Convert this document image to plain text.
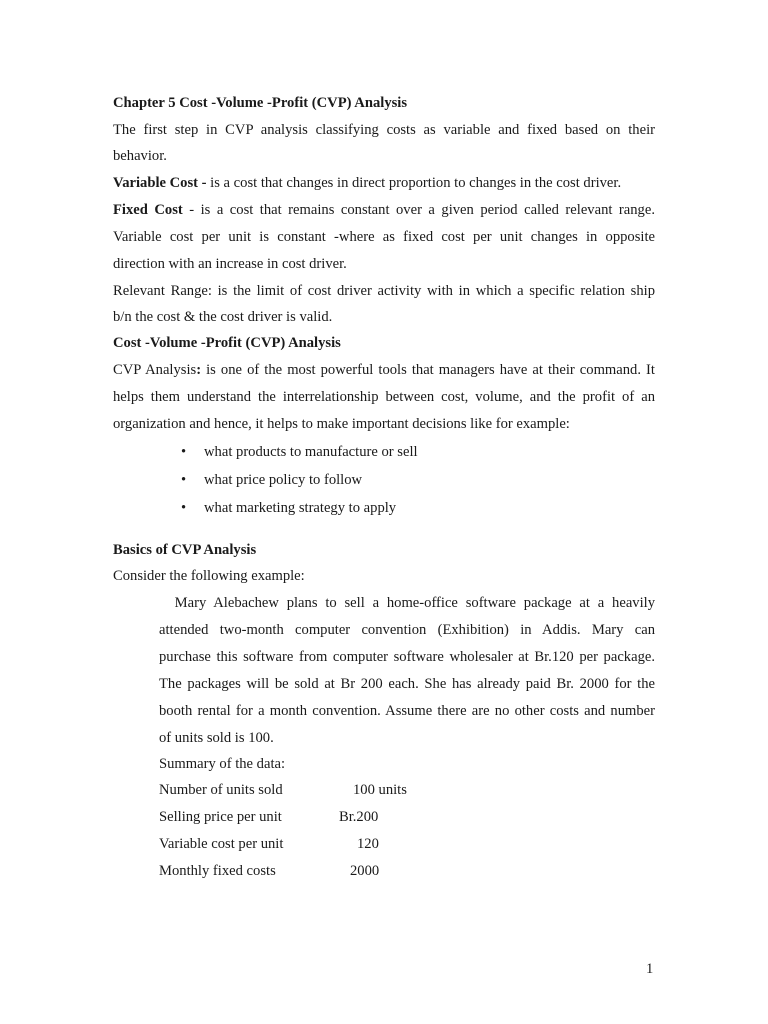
Chapter 5 Cost -Volume -Profit (CVP) Analysis
The first step in CVP analysis classifying costs as variable and fixed based on their
behavior.
Variable Cost - is a cost that changes in direct proportion to changes in the cost driver.
Fixed Cost - is a cost that remains constant over a given period called relevant range.
Variable cost per unit is constant -where as fixed cost per unit changes in opposite
direction with an increase in cost driver.
Relevant Range: is the limit of cost driver activity with in which a specific relation ship
b/n the cost & the cost driver is valid.
Cost -Volume -Profit (CVP) Analysis
CVP Analysis: is one of the most powerful tools that managers have at their command. It
helps them understand the interrelationship between cost, volume, and the profit of an
organization and hence, it helps to make important decisions like for example:
• what products to manufacture or sell
• what price policy to follow
• what marketing strategy to apply
Basics of CVP Analysis
Consider the following example:
Mary Alebachew plans to sell a home-office software package at a heavily
attended two-month computer convention (Exhibition) in Addis. Mary can
purchase this software from computer software wholesaler at Br.120 per package.
The packages will be sold at Br 200 each. She has already paid Br. 2000 for the
booth rental for a month convention. Assume there are no other costs and number
of units sold is 100.
Summary of the data:
Number of units sold	100 units
Selling price per unit	Br.200
Variable cost per unit	120
Monthly fixed costs	2000
1
